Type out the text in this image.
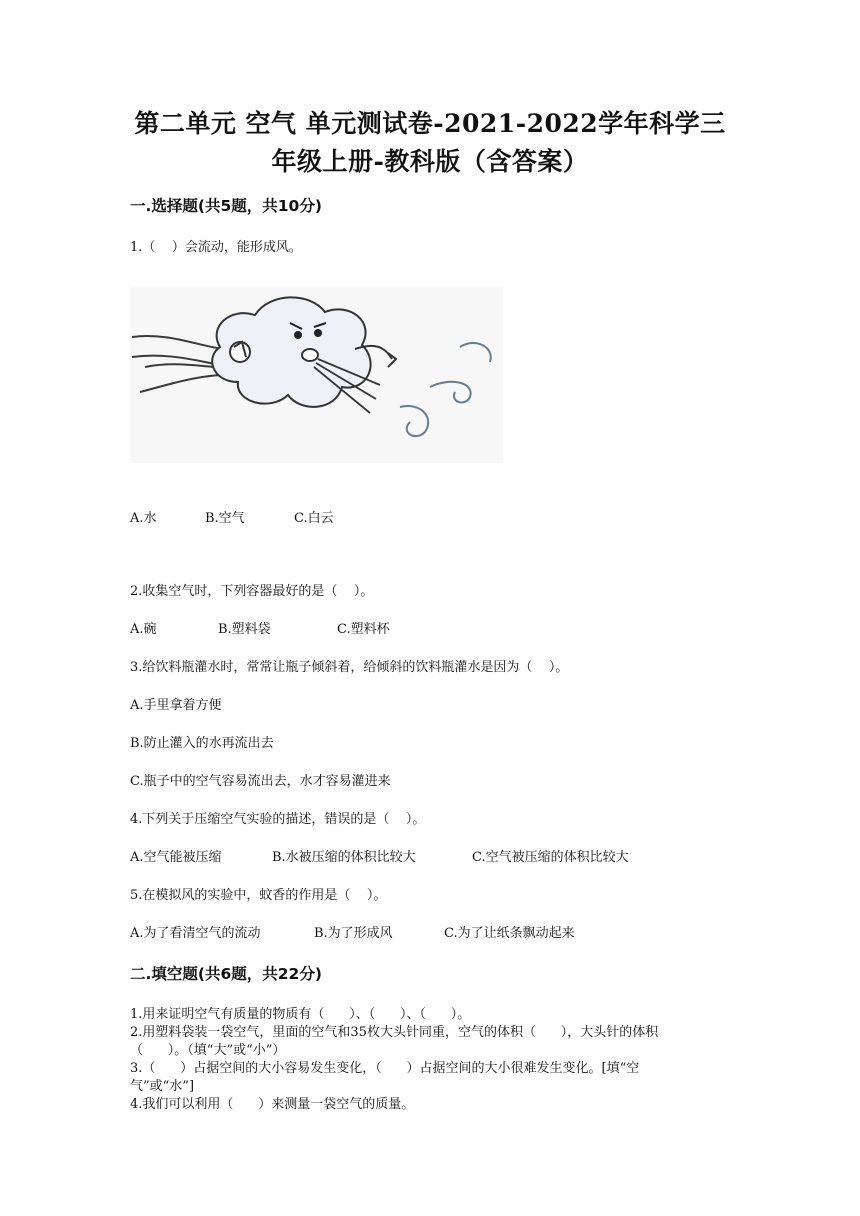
第二单元 空气 单元测试卷-2021-2022学年科学三
年级上册-教科版（含答案）
一.选择题(共5题，共10分)
1.（    ）会流动，能形成风。
A.水	B.空气	C.白云
2.收集空气时，下列容器最好的是（    ）。
A.碗	B.塑料袋	C.塑料杯
3.给饮料瓶灌水时，常常让瓶子倾斜着，给倾斜的饮料瓶灌水是因为（    ）。
A.手里拿着方便
B.防止灌入的水再流出去
C.瓶子中的空气容易流出去，水才容易灌进来
4.下列关于压缩空气实验的描述，错误的是（    ）。
A.空气能被压缩	B.水被压缩的体积比较大	C.空气被压缩的体积比较大
5.在模拟风的实验中，蚊香的作用是（    ）。
A.为了看清空气的流动	B.为了形成风	C.为了让纸条飘动起来
二.填空题(共6题，共22分)
1.用来证明空气有质量的物质有（      ）、（      ）、（      ）。
2.用塑料袋装一袋空气，里面的空气和35枚大头针同重，空气的体积（      ），大头针的体积
（      ）。（填“大”或“小”）
3.（      ）占据空间的大小容易发生变化，（      ）占据空间的大小很难发生变化。[填“空
气”或“水”]
4.我们可以利用（      ）来测量一袋空气的质量。
